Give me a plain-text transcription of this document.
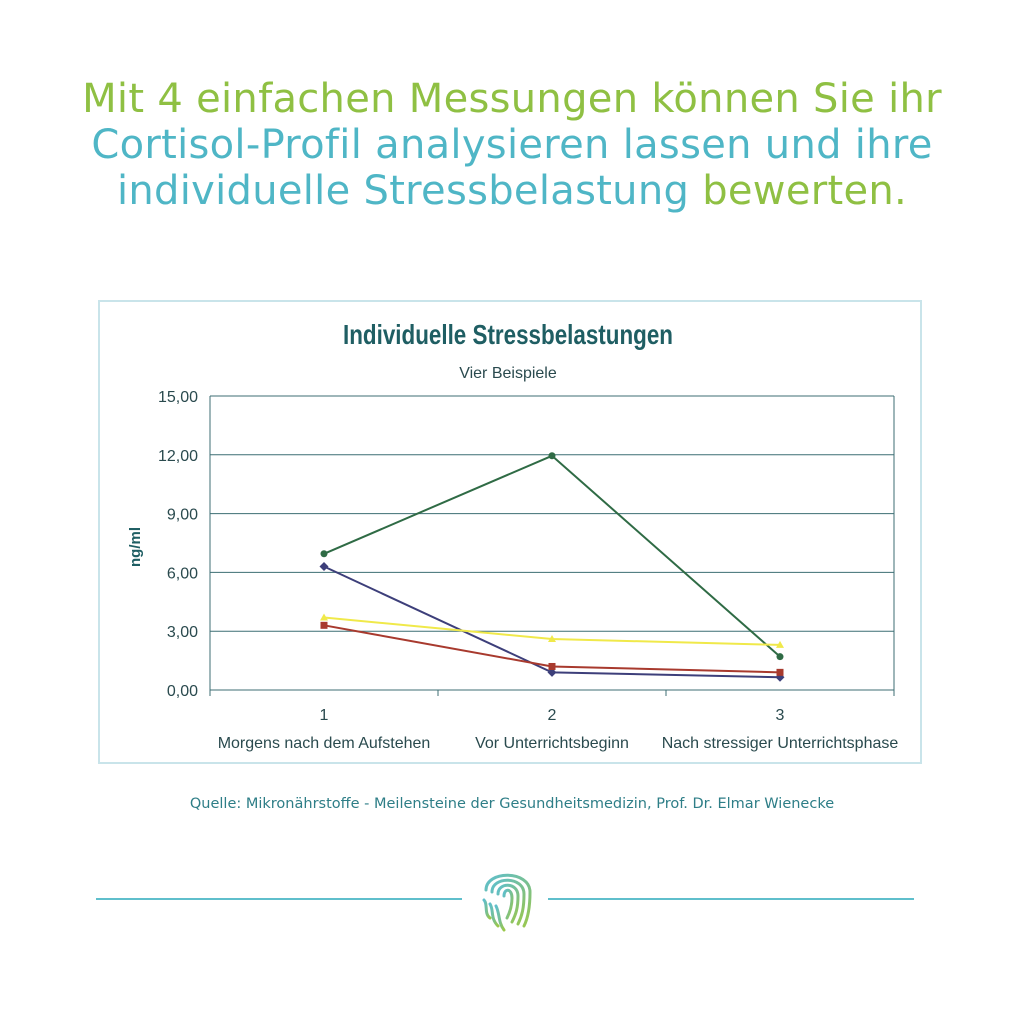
Mit 4 einfachen Messungen können Sie ihr
Cortisol-Profil analysieren lassen und ihre
individuelle Stressbelastung bewerten.
Individuelle Stressbelastungen
Vier Beispiele
ng/ml
0,00
3,00
6,00
9,00
12,00
15,00
1
Morgens nach dem Aufstehen
2
Vor Unterrichtsbeginn
3
Nach stressiger Unterrichtsphase
Quelle: Mikronährstoffe - Meilensteine der Gesundheitsmedizin, Prof. Dr. Elmar Wienecke
